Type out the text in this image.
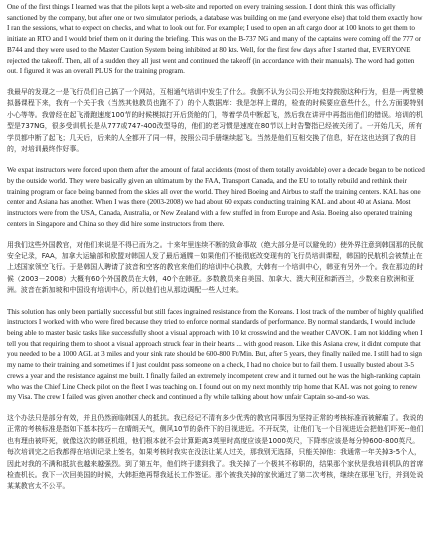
One of the first things I learned was that the pilots kept a web-site and reported on every training session. I dont think this was officially sanctioned by the company, but after one or two simulator periods, a database was building on me (and everyone else) that told them exactly how I ran the sessions, what to expect on checks, and what to look out for. For example; I used to open an aft cargo door at 100 knots to get them to initiate an RTO and I would brief them on it during the briefing. This was on the B-737 NG and many of the captains were coming off the 777 or B744 and they were used to the Master Caution System being inhibited at 80 kts. Well, for the first few days after I started that, EVERYONE rejected the takeoff. Then, all of a sudden they all just went and continued the takeoff (in accordance with their manuals). The word had gotten out. I figured it was an overall PLUS for the training program.

我最早的发现之一是飞行员们自己搞了一个网站，互相通气培训中发生了什么。我倒不认为公司公开地支持鼓励这种行为，但是一两堂模拟器课程下来，我有一个关于我（当然其他教员也跑不了）的个人数据库：我是怎样上课的，检查的时候要应意些什么，什么方面要特别小心等等。我曾经在起飞滑跑速度100节的时候模拟打开后货舱的门，等着学员中断起飞，然后我在讲评中再指出他们的错误。培训的机型是737NG，很多受训机长是从777或747-400改型导的，他们的老习惯是速度在80节以上时告警指已经被关闭了。一开始几天，所有学员都中断了起飞；几天后，后来的人全都开了同一样，按照公司手册继续起飞。当然是他们互相交换了信息，好在这也达到了我的目的，对培训最终作好事。

We expat instructors were forced upon them after the amount of fatal accidents (most of them totally avoidable) over a decade began to be noticed by the outside world. They were basically given an ultimatum by the FAA, Transport Canada, and the EU to totally rebuild and rethink their training program or face being banned from the skies all over the world. They hired Boeing and Airbus to staff the training centers. KAL has one center and Asiana has another. When I was there (2003-2008) we had about 60 expats conducting training KAL and about 40 at Asiana. Most instructors were from the USA, Canada, Australia, or New Zealand with a few stuffed in from Europe and Asia. Boeing also operated training centers in Singapore and China so they did hire some instructors from there.

用我们这些外国教官，对他们来说是不得已而为之。十来年里连续不断的致命事故（绝大部分是可以避免的）使外界注意到韩国那的民航安全记录，FAA，加拿大运输部和欧盟对韩国人发了最后通牒－如果他们不能彻底改变现有的飞行员培训课程，韩国的民航机会被禁止在上述国家领空飞行。于是韩国人聘请了波音和空客的教官来他们的培训中心执教，大韩有一个培训中心，韩亚有另外一个。我在那边的时候（2003－2008）大概有60个外国教员在大韩，40个在韩亚。多数教员来自美国、加拿大、澳大利亚和新西兰，少数来自欧洲和亚洲。波音在新加坡和中国设有培训中心，所以他们也从那边调配一些人过来。

This solution has only been partially successful but still faces ingrained resistance from the Koreans. I lost track of the number of highly qualified instructors I worked with who were fired because they tried to enforce normal standards of performance. By normal standards, I would include being able to master basic tasks like successfully shoot a visual approach with 10 kt crosswind and the weather CAVOK. I am not kidding when I tell you that requiring them to shoot a visual approach struck fear in their hearts ... with good reason. Like this Asiana crew, it didnt compute that you needed to be a 1000 AGL at 3 miles and your sink rate should be 600-800 Ft/Min. But, after 5 years, they finally nailed me. I still had to sign my name to their training and sometimes if I just couldnt pass someone on a check, I had no choice but to fail them. I usually busted about 3-5 crews a year and the resistance against me built. I finally failed an extremely incompetent crew and it turned out he was the high-ranking captain who was the Chief Line Check pilot on the fleet I was teaching on. I found out on my next monthly trip home that KAL was not going to renew my Visa. The crew I failed was given another check and continued a fly while talking about how unfair Captain so-and-so was.

这个办法只是部分有效，并且仍然面临韩国人的抵抗。我已经记不清有多少优秀的教官同事因为坚持正常的考核标准而被解雇了。我说的正常的考核标准是指如下基本技巧－在晴朗天气，侧风10节的条件下的目视进近。不开玩笑，让他们飞一个目视进近会把他们吓死--他们也有理由被吓死，就像这次的韩亚机组，他们根本就不会计算距离3英里时高度应该是1000英尺，下降率应该是每分钟600-800英尺。每次培训完之后我都得在培训记录上签名，如果考核时我实在没法让某人过关，那我别无选择，只能关掉他：我通常一年关掉3-5个人，因此对我的不满和抵抗也越来越强烈。到了第五年，他们终于逮到我了。我关掉了一个极其不称职的，结果那个家伙是我培训机队的首席检查机长。我下一次回美国的时候，大韩拒绝再帮我延长工作签证。那个被我关掉的家伙通过了第二次考核，继续在那里飞行，并到处说某某教官太不公平。
